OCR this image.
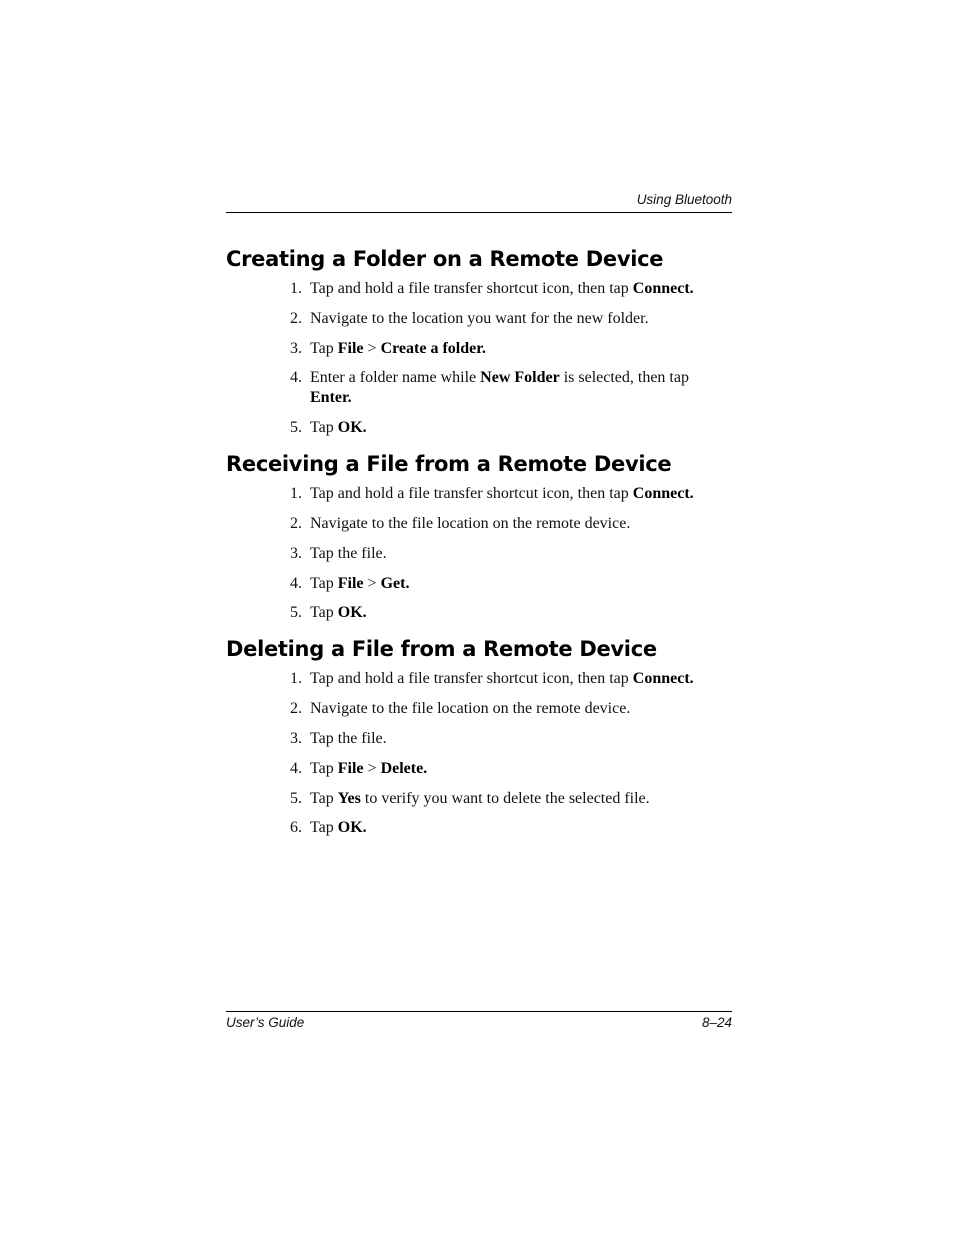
Using Bluetooth
Creating a Folder on a Remote Device
1. Tap and hold a file transfer shortcut icon, then tap Connect.
2. Navigate to the location you want for the new folder.
3. Tap File > Create a folder.
4. Enter a folder name while New Folder is selected, then tap Enter.
5. Tap OK.
Receiving a File from a Remote Device
1. Tap and hold a file transfer shortcut icon, then tap Connect.
2. Navigate to the file location on the remote device.
3. Tap the file.
4. Tap File > Get.
5. Tap OK.
Deleting a File from a Remote Device
1. Tap and hold a file transfer shortcut icon, then tap Connect.
2. Navigate to the file location on the remote device.
3. Tap the file.
4. Tap File > Delete.
5. Tap Yes to verify you want to delete the selected file.
6. Tap OK.
User’s Guide	8–24
